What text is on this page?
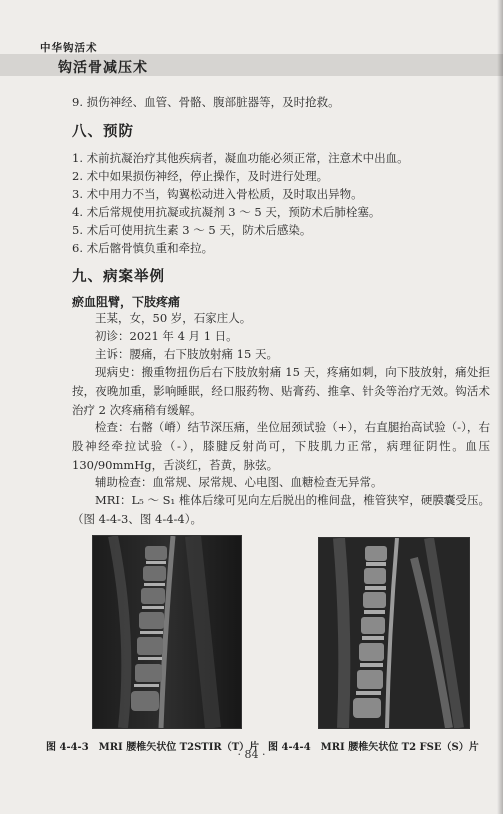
中华钩活术
钩活骨减压术
9. 损伤神经、血管、骨骼、腹部脏器等，及时抢救。
八、预防
1. 术前抗凝治疗其他疾病者，凝血功能必须正常，注意术中出血。
2. 术中如果损伤神经，停止操作，及时进行处理。
3. 术中用力不当，钩翼松动进入骨松质，及时取出异物。
4. 术后常规使用抗凝或抗凝剂 3 ～ 5 天，预防术后肺栓塞。
5. 术后可使用抗生素 3 ～ 5 天，防术后感染。
6. 术后髂骨慎负重和牵拉。
九、病案举例
瘀血阻臂，下肢疼痛
王某，女，50 岁，石家庄人。
初诊：2021 年 4 月 1 日。
主诉：腰痛，右下肢放射痛 15 天。
现病史：搬重物扭伤后右下肢放射痛 15 天，疼痛如刺，向下肢放射，痛处拒按，夜晚加重，影响睡眠，经口服药物、贴膏药、推拿、针灸等治疗无效。钩活术治疗 2 次疼痛稍有缓解。
检查：右髂（嵴）结节深压痛，坐位屈颈试验（+），右直腿抬高试验（-），右股神经牵拉试验（-），膝腱反射尚可，下肢肌力正常，病理征阴性。血压 130/90mmHg，舌淡红，苔黄，脉弦。
辅助检查：血常规、尿常规、心电图、血糖检查无异常。
MRI：L₅ ～ S₁ 椎体后缘可见向左后脱出的椎间盘，椎管狭窄，硬膜囊受压。（图 4-4-3、图 4-4-4）。
图 4-4-3　MRI 腰椎矢状位 T2STIR（T）片 图 4-4-4　MRI 腰椎矢状位 T2 FSE（S）片
· 84 ·
